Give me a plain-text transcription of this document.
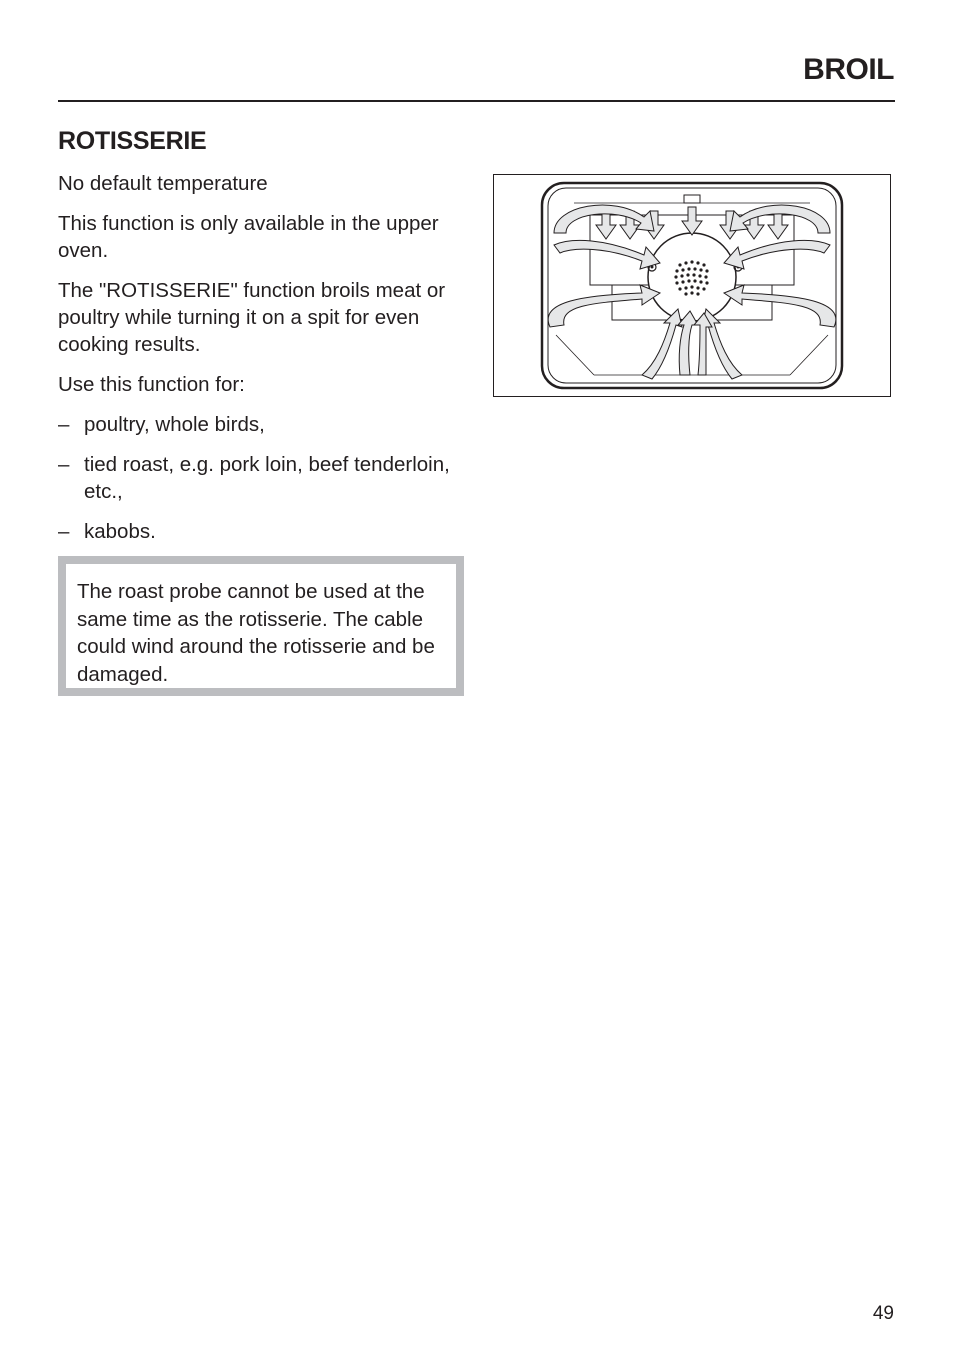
BROIL
ROTISSERIE

No default temperature

This function is only available in the upper oven.

The "ROTISSERIE" function broils meat or poultry while turning it on a spit for even cooking results.

Use this function for:

– poultry, whole birds,
– tied roast, e.g. pork loin, beef tenderloin, etc.,
– kabobs.
The roast probe cannot be used at the same time as the rotisserie. The cable could wind around the rotisserie and be damaged.
49
